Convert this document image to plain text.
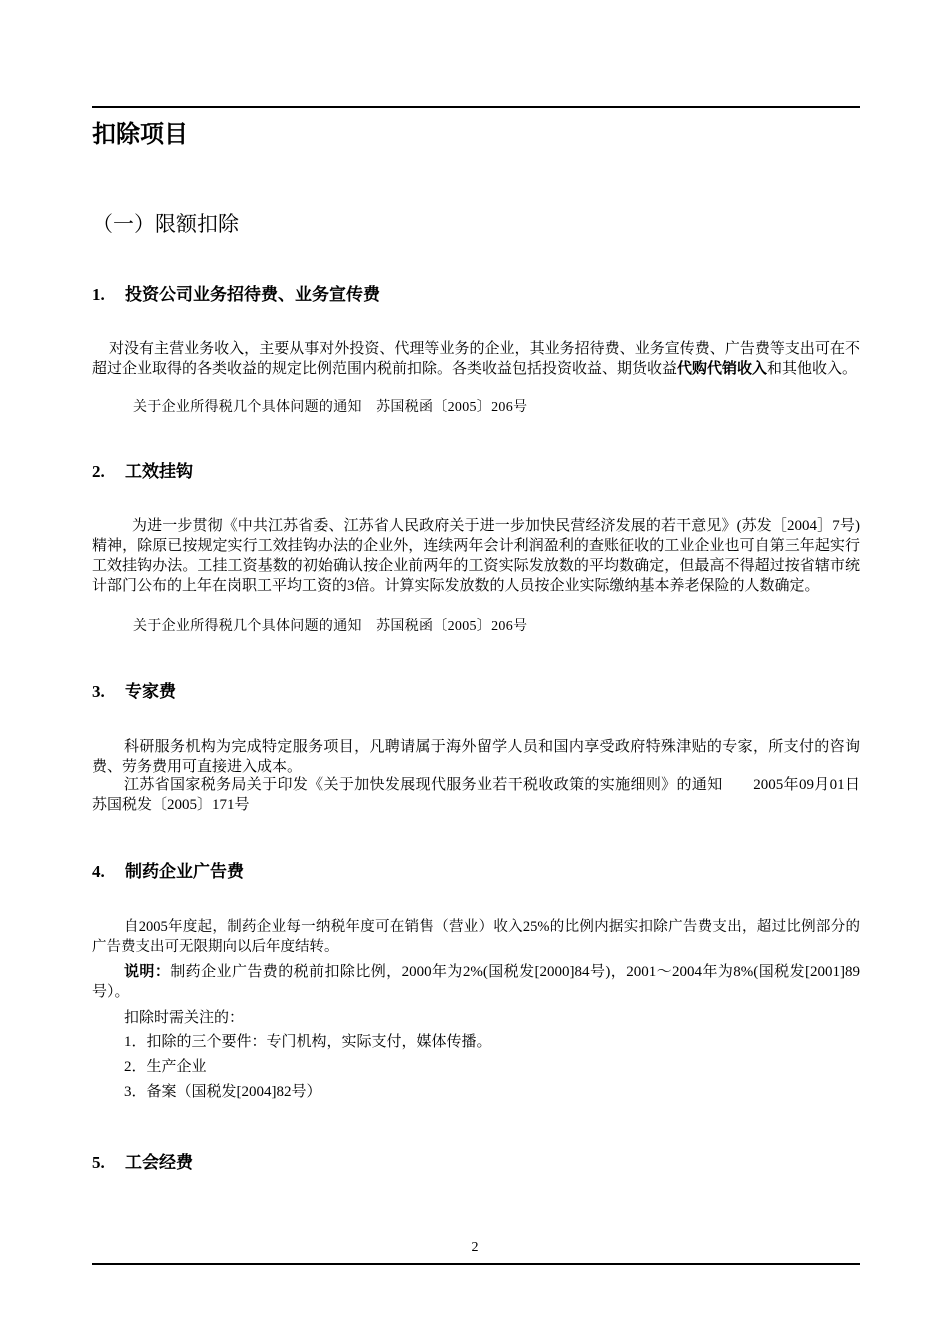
扣除项目
（一）限额扣除
1. 投资公司业务招待费、业务宣传费
对没有主营业务收入，主要从事对外投资、代理等业务的企业，其业务招待费、业务宣传费、广告费等支出可在不超过企业取得的各类收益的规定比例范围内税前扣除。各类收益包括投资收益、期货收益代购代销收入和其他收入。
关于企业所得税几个具体问题的通知　苏国税函〔2005〕206号
2. 工效挂钩
为进一步贯彻《中共江苏省委、江苏省人民政府关于进一步加快民营经济发展的若干意见》(苏发［2004］7号)精神，除原已按规定实行工效挂钩办法的企业外，连续两年会计利润盈利的查账征收的工业企业也可自第三年起实行工效挂钩办法。工挂工资基数的初始确认按企业前两年的工资实际发放数的平均数确定，但最高不得超过按省辖市统计部门公布的上年在岗职工平均工资的3倍。计算实际发放数的人员按企业实际缴纳基本养老保险的人数确定。
关于企业所得税几个具体问题的通知　苏国税函〔2005〕206号
3. 专家费
科研服务机构为完成特定服务项目，凡聘请属于海外留学人员和国内享受政府特殊津贴的专家，所支付的咨询费、劳务费用可直接进入成本。
江苏省国家税务局关于印发《关于加快发展现代服务业若干税收政策的实施细则》的通知　　2005年09月01日 苏国税发〔2005〕171号
4. 制药企业广告费
自2005年度起，制药企业每一纳税年度可在销售（营业）收入25%的比例内据实扣除广告费支出，超过比例部分的广告费支出可无限期向以后年度结转。
说明：制药企业广告费的税前扣除比例，2000年为2%(国税发[2000]84号)，2001～2004年为8%(国税发[2001]89号）。
扣除时需关注的：
1．扣除的三个要件：专门机构，实际支付，媒体传播。
2．生产企业
3．备案（国税发[2004]82号）
5. 工会经费
2
